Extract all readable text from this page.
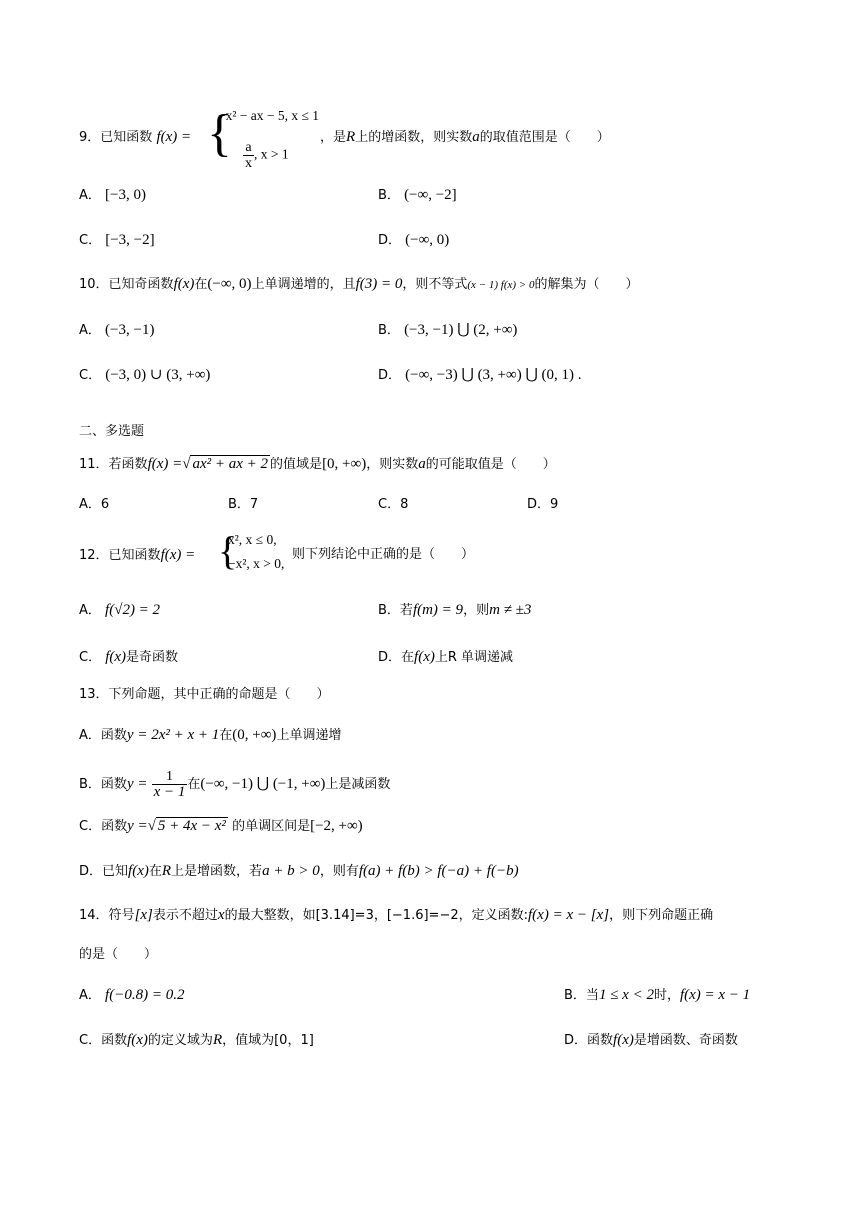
9．已知函数 f(x) = {
−x² − ax − 5, x ≤ 1
$\frac{a}{x}$ , x > 1
，是R上的增函数，则实数a的取值范围是（　　）
A． [−3, 0)	B． (−∞, −2]
C． [−3, −2]	D． (−∞, 0)
10．已知奇函数f(x)在(−∞, 0)上单调递增的，且f(3) = 0，则不等式(x − 1) f(x) > 0的解集为（　　）
A． (−3, −1)	B． (−3, −1) ⋃ (2, +∞)
C． (−3, 0) ∪ (3, +∞)	D． (−∞, −3) ⋃ (3, +∞) ⋃ (0, 1) .
二、多选题
11．若函数f(x) =√ ax² + ax + 2 的值域是[0, +∞)，则实数a的可能取值是（　　）
A．6	B．7	C．8	D．9
12．已知函数f(x) = {
x², x ≤ 0,
−x², x > 0,
则下列结论中正确的是（　　）
A． f(√2) = 2	B．若f(m) = 9，则m ≠ ±3
C． f(x)是奇函数	D．在f(x)上R 单调递减
13．下列命题，其中正确的命题是（　　）
A．函数y = 2x² + x + 1在(0, +∞)上单调递增
B．函数$y = \frac{1}{x - 1}$ 在(−∞, −1) ⋃ (−1, +∞)上是减函数
C．函数y =√ 5 + 4x − x² 的单调区间是[−2, +∞)
D．已知f(x)在R上是增函数，若a + b > 0，则有f(a) + f(b) > f(−a) + f(−b)
14．符号[x]表示不超过x的最大整数，如[3.14]=3，[−1.6]=−2，定义函数:f(x) = x − [x]，则下列命题正确
的是（　　）
A． f(−0.8) = 0.2	B．当1 ≤ x < 2时，f(x) = x − 1
C．函数f(x)的定义域为R，值域为[0，1]	D．函数f(x)是增函数、奇函数
